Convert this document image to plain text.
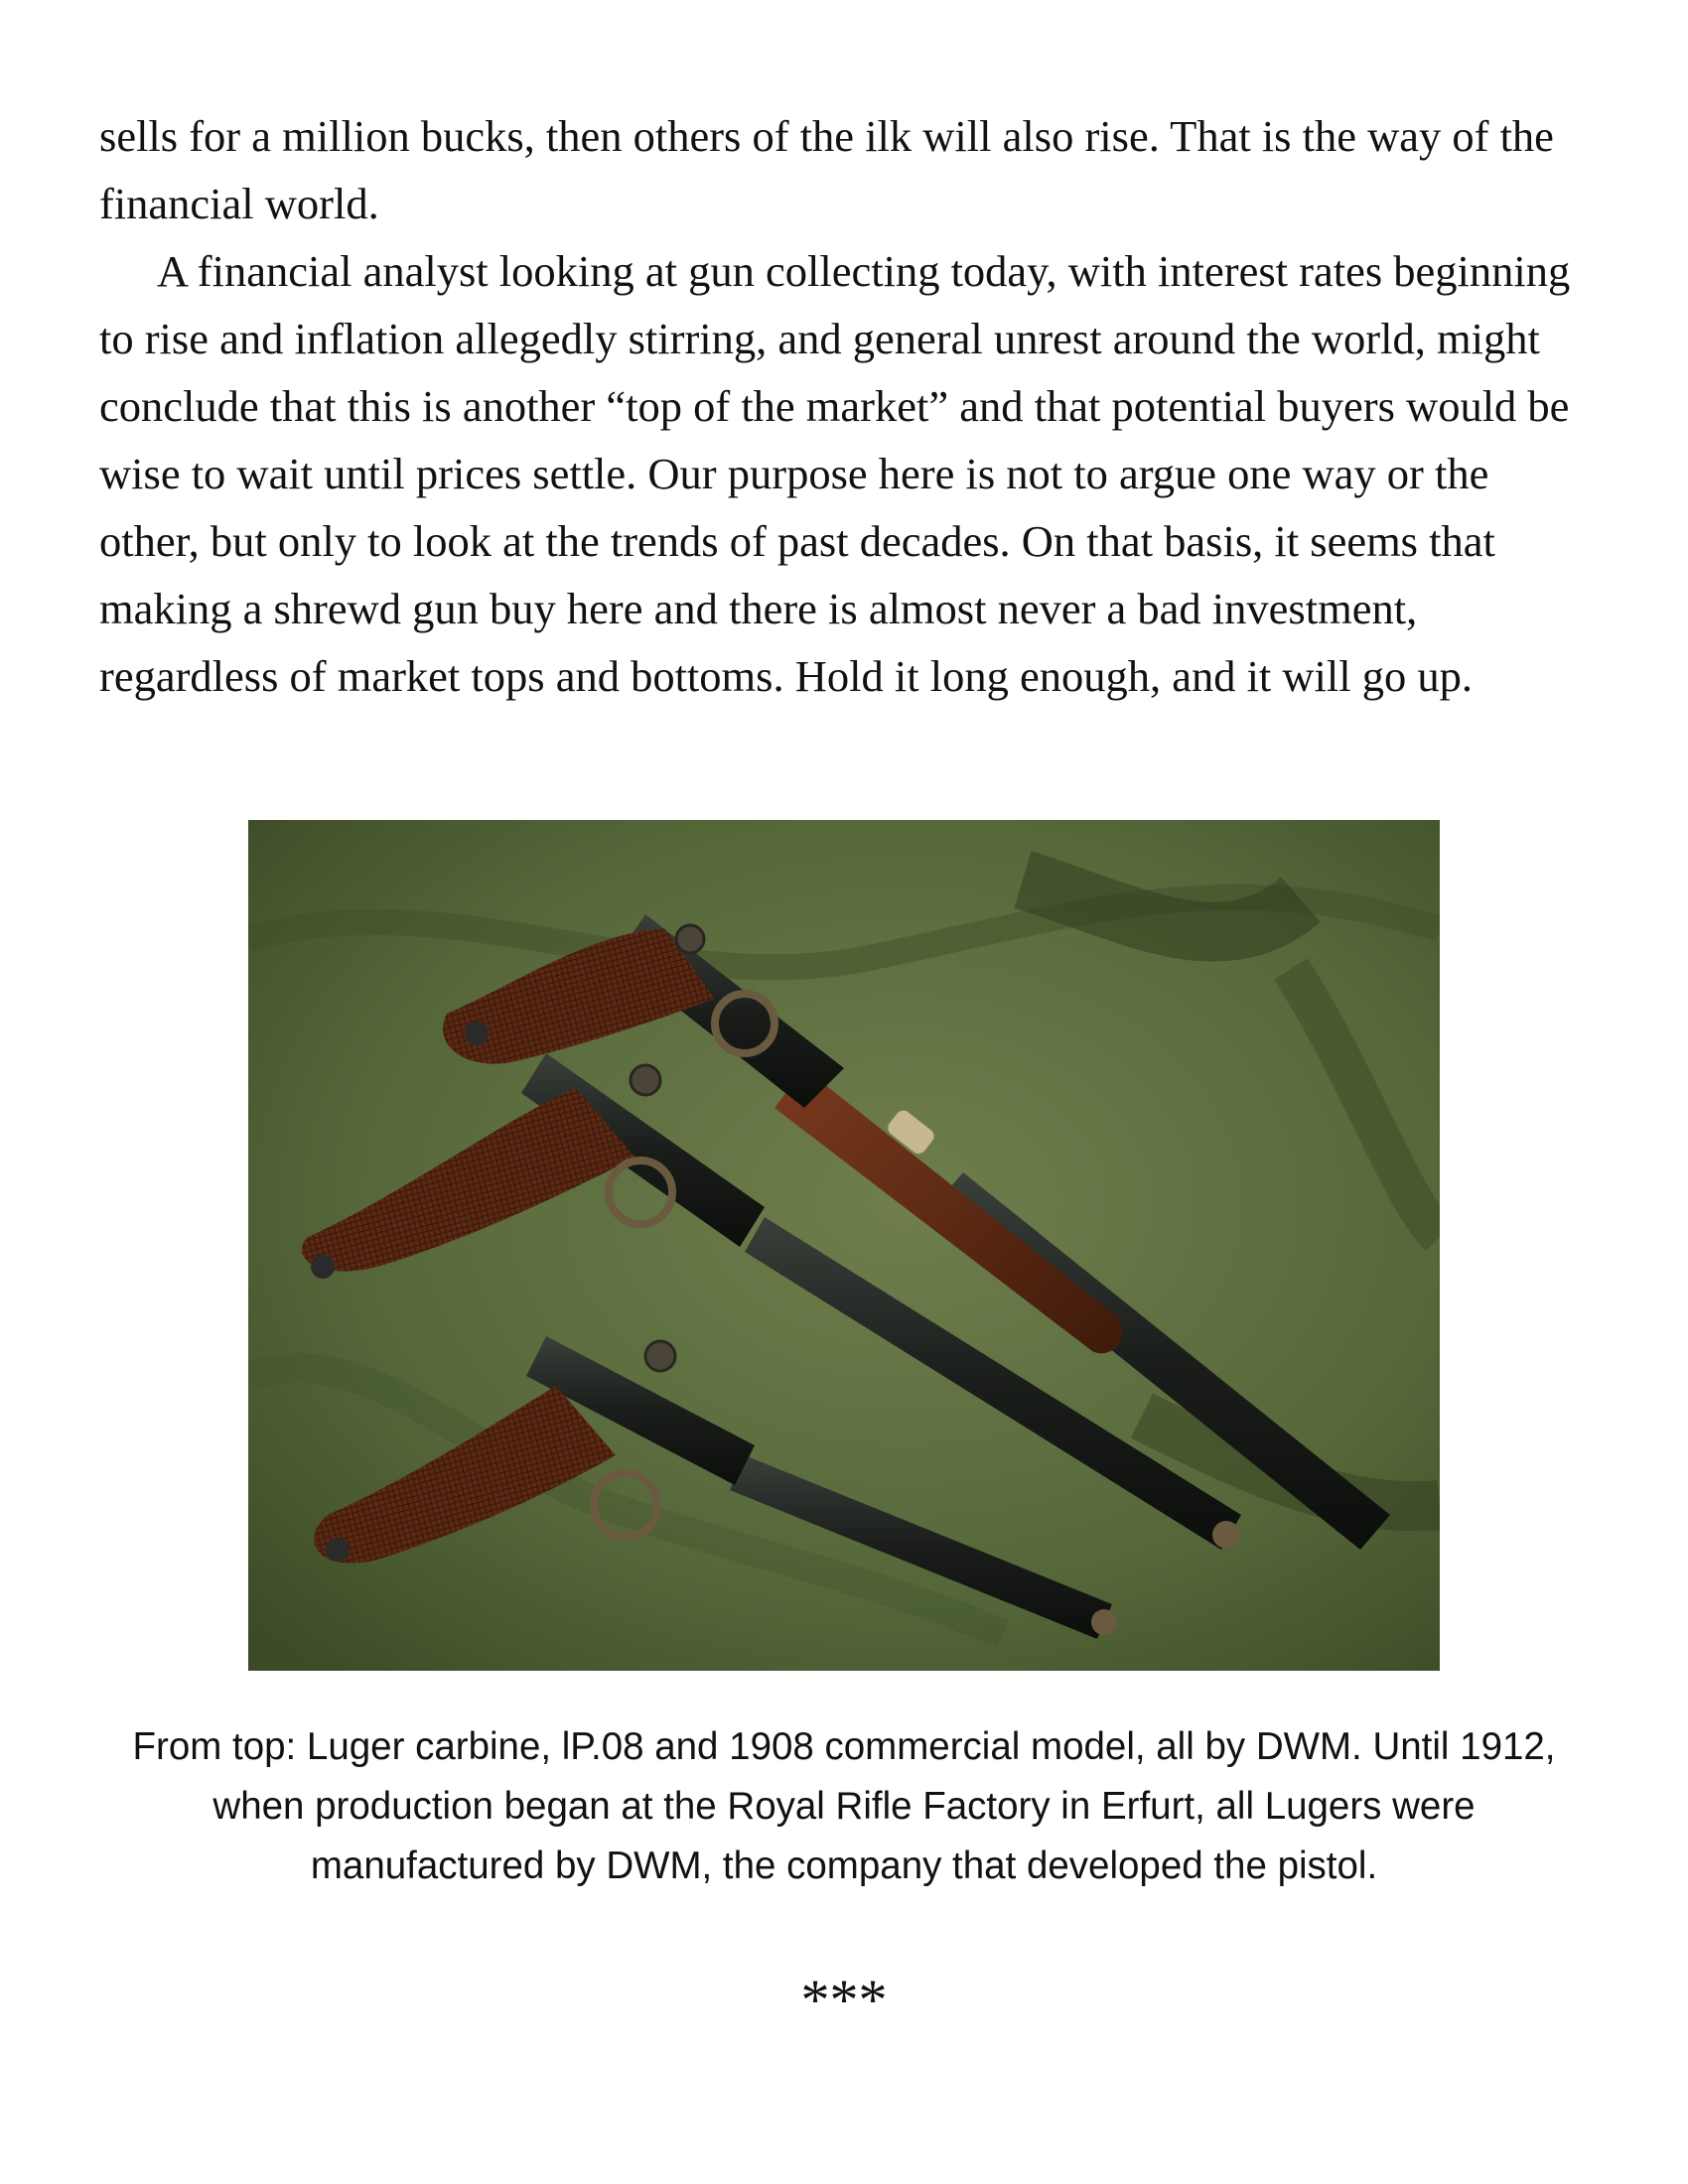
sells for a million bucks, then others of the ilk will also rise. That is the way of the financial world.

A financial analyst looking at gun collecting today, with interest rates beginning to rise and inflation allegedly stirring, and general unrest around the world, might conclude that this is another “top of the market” and that potential buyers would be wise to wait until prices settle. Our purpose here is not to argue one way or the other, but only to look at the trends of past decades. On that basis, it seems that making a shrewd gun buy here and there is almost never a bad investment, regardless of market tops and bottoms. Hold it long enough, and it will go up.

From top: Luger carbine, lP.08 and 1908 commercial model, all by DWM. Until 1912, when production began at the Royal Rifle Factory in Erfurt, all Lugers were manufactured by DWM, the company that developed the pistol.
***
